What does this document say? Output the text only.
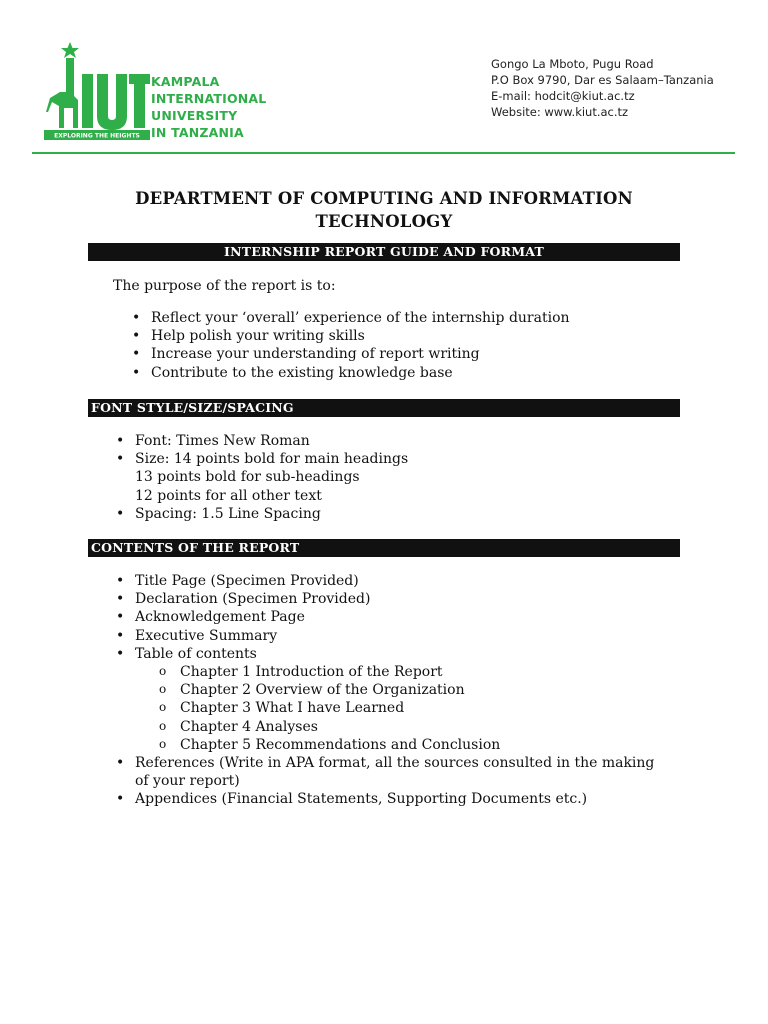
EXPLORING THE HEIGHTS
KAMPALA
INTERNATIONAL
UNIVERSITY
IN TANZANIA
Gongo La Mboto, Pugu Road
P.O Box 9790, Dar es Salaam–Tanzania
E-mail: hodcit@kiut.ac.tz
Website: www.kiut.ac.tz
DEPARTMENT OF COMPUTING AND INFORMATION
TECHNOLOGY
INTERNSHIP REPORT GUIDE AND FORMAT
The purpose of the report is to:
• Reflect your ‘overall’ experience of the internship duration
• Help polish your writing skills
• Increase your understanding of report writing
• Contribute to the existing knowledge base
FONT STYLE/SIZE/SPACING
• Font: Times New Roman
• Size: 14 points bold for main headings
13 points bold for sub-headings
12 points for all other text
• Spacing: 1.5 Line Spacing
CONTENTS OF THE REPORT
• Title Page (Specimen Provided)
• Declaration (Specimen Provided)
• Acknowledgement Page
• Executive Summary
• Table of contents
o Chapter 1 Introduction of the Report
o Chapter 2 Overview of the Organization
o Chapter 3 What I have Learned
o Chapter 4 Analyses
o Chapter 5 Recommendations and Conclusion
• References (Write in APA format, all the sources consulted in the making
of your report)
• Appendices (Financial Statements, Supporting Documents etc.)
